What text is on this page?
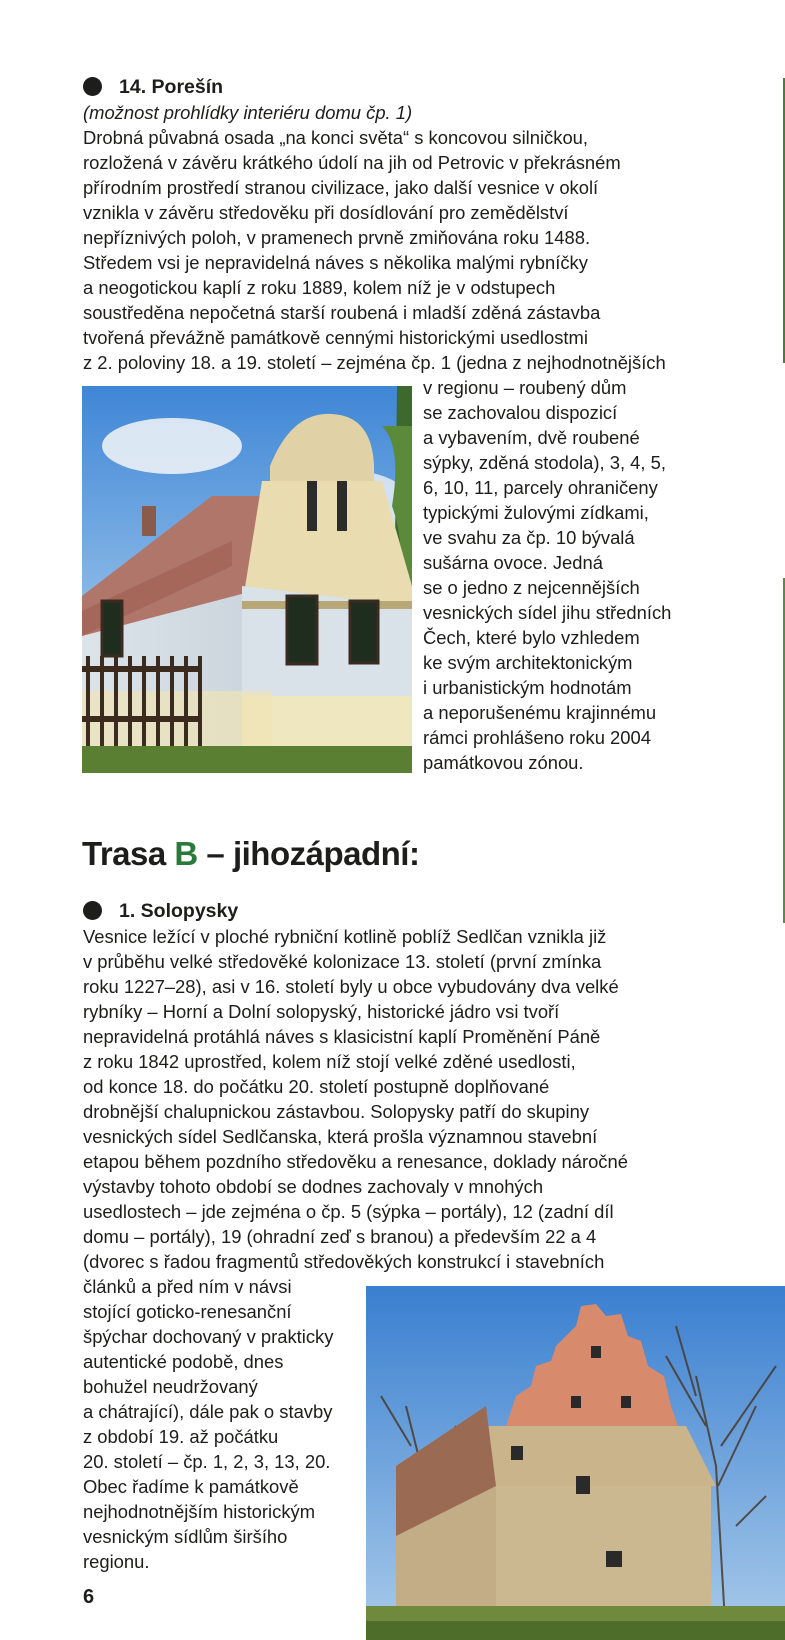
14. Porešín
(možnost prohlídky interiéru domu čp. 1)

Drobná půvabná osada „na konci světa“ s koncovou silničkou,

rozložená v závěru krátkého údolí na jih od Petrovic v překrásném

přírodním prostředí stranou civilizace, jako další vesnice v okolí

vznikla v závěru středověku při dosídlování pro zemědělství

nepříznivých poloh, v pramenech prvně zmiňována roku 1488.

Středem vsi je nepravidelná náves s několika malými rybníčky

a neogotickou kaplí z roku 1889, kolem níž je v odstupech

soustředěna nepočetná starší roubená i mladší zděná zástavba

tvořená převážně památkově cennými historickými usedlostmi

z 2. poloviny 18. a 19. století – zejména čp. 1 (jedna z nejhodnotnějších

v regionu – roubený dům

se zachovalou dispozicí

a vybavením, dvě roubené

sýpky, zděná stodola), 3, 4, 5,

6, 10, 11, parcely ohraničeny

typickými žulovými zídkami,

ve svahu za čp. 10 bývalá

sušárna ovoce. Jedná

se o jedno z nejcennějších

vesnických sídel jihu středních

Čech, které bylo vzhledem

ke svým architektonickým

i urbanistickým hodnotám

a neporušenému krajinnému

rámci prohlášeno roku 2004

památkovou zónou.

Trasa B – jihozápadní:
1. Solopysky

Vesnice ležící v ploché rybniční kotlině poblíž Sedlčan vznikla již

v průběhu velké středověké kolonizace 13. století (první zmínka

roku 1227–28), asi v 16. století byly u obce vybudovány dva velké

rybníky – Horní a Dolní solopyský, historické jádro vsi tvoří

nepravidelná protáhlá náves s klasicistní kaplí Proměnění Páně

z roku 1842 uprostřed, kolem níž stojí velké zděné usedlosti,

od konce 18. do počátku 20. století postupně doplňované

drobnější chalupnickou zástavbou. Solopysky patří do skupiny

vesnických sídel Sedlčanska, která prošla významnou stavební

etapou během pozdního středověku a renesance, doklady náročné

výstavby tohoto období se dodnes zachovaly v mnohých

usedlostech – jde zejména o čp. 5 (sýpka – portály), 12 (zadní díl

domu – portály), 19 (ohradní zeď s branou) a především 22 a 4

(dvorec s řadou fragmentů středověkých konstrukcí i stavebních

článků a před ním v návsi

stojící goticko-renesanční

špýchar dochovaný v prakticky

autentické podobě, dnes

bohužel neudržovaný

a chátrající), dále pak o stavby

z období 19. až počátku

20. století – čp. 1, 2, 3, 13, 20.

Obec řadíme k památkově

nejhodnotnějším historickým

vesnickým sídlům širšího

regionu.

6
